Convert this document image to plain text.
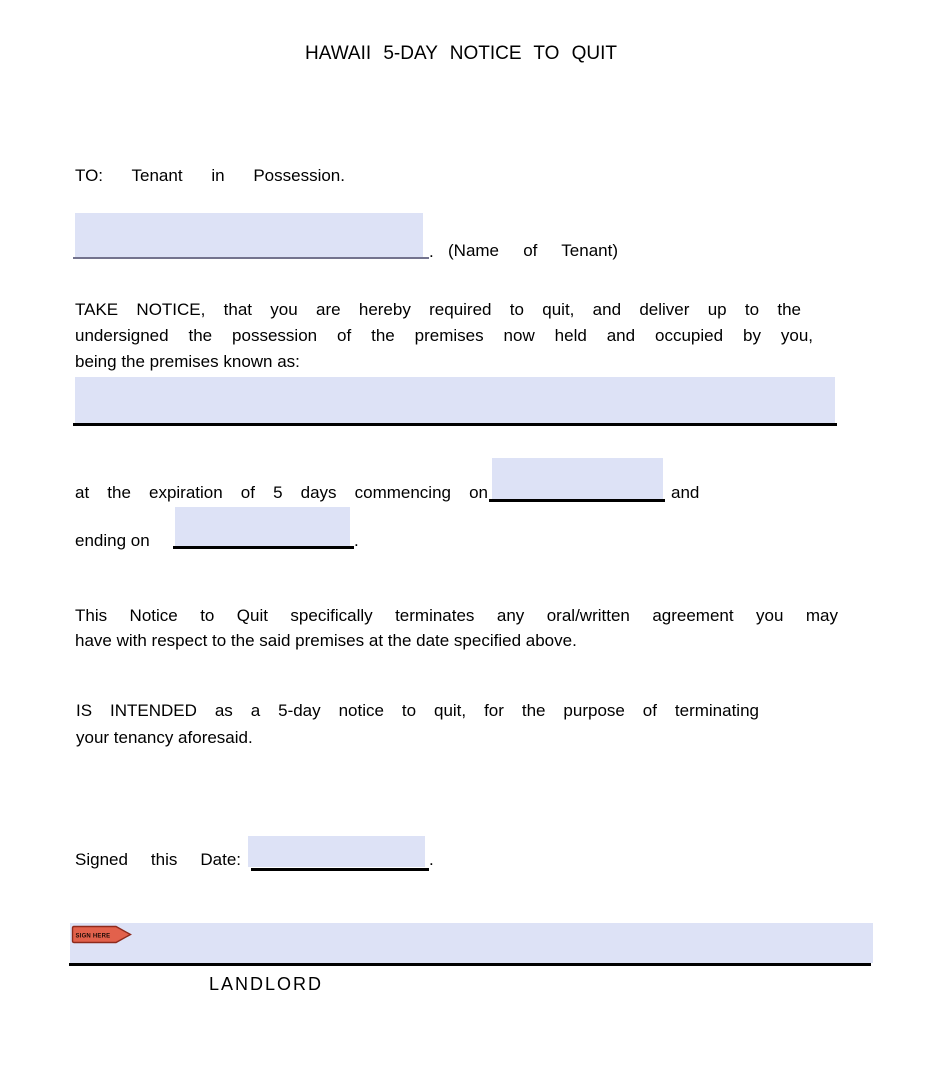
HAWAII 5-DAY NOTICE TO QUIT
TO: Tenant in Possession.
. (Name of Tenant)
TAKE NOTICE, that you are hereby required to quit, and deliver up to the
undersigned the possession of the premises now held and occupied by you,
being the premises known as:
at the expiration of 5 days commencing on	and
ending on	.
This Notice to Quit specifically terminates any oral/written agreement you may
have with respect to the said premises at the date specified above.
IS INTENDED as a 5-day notice to quit, for the purpose of terminating
your tenancy aforesaid.
Signed this Date:	.
SIGN HERE
LANDLORD
